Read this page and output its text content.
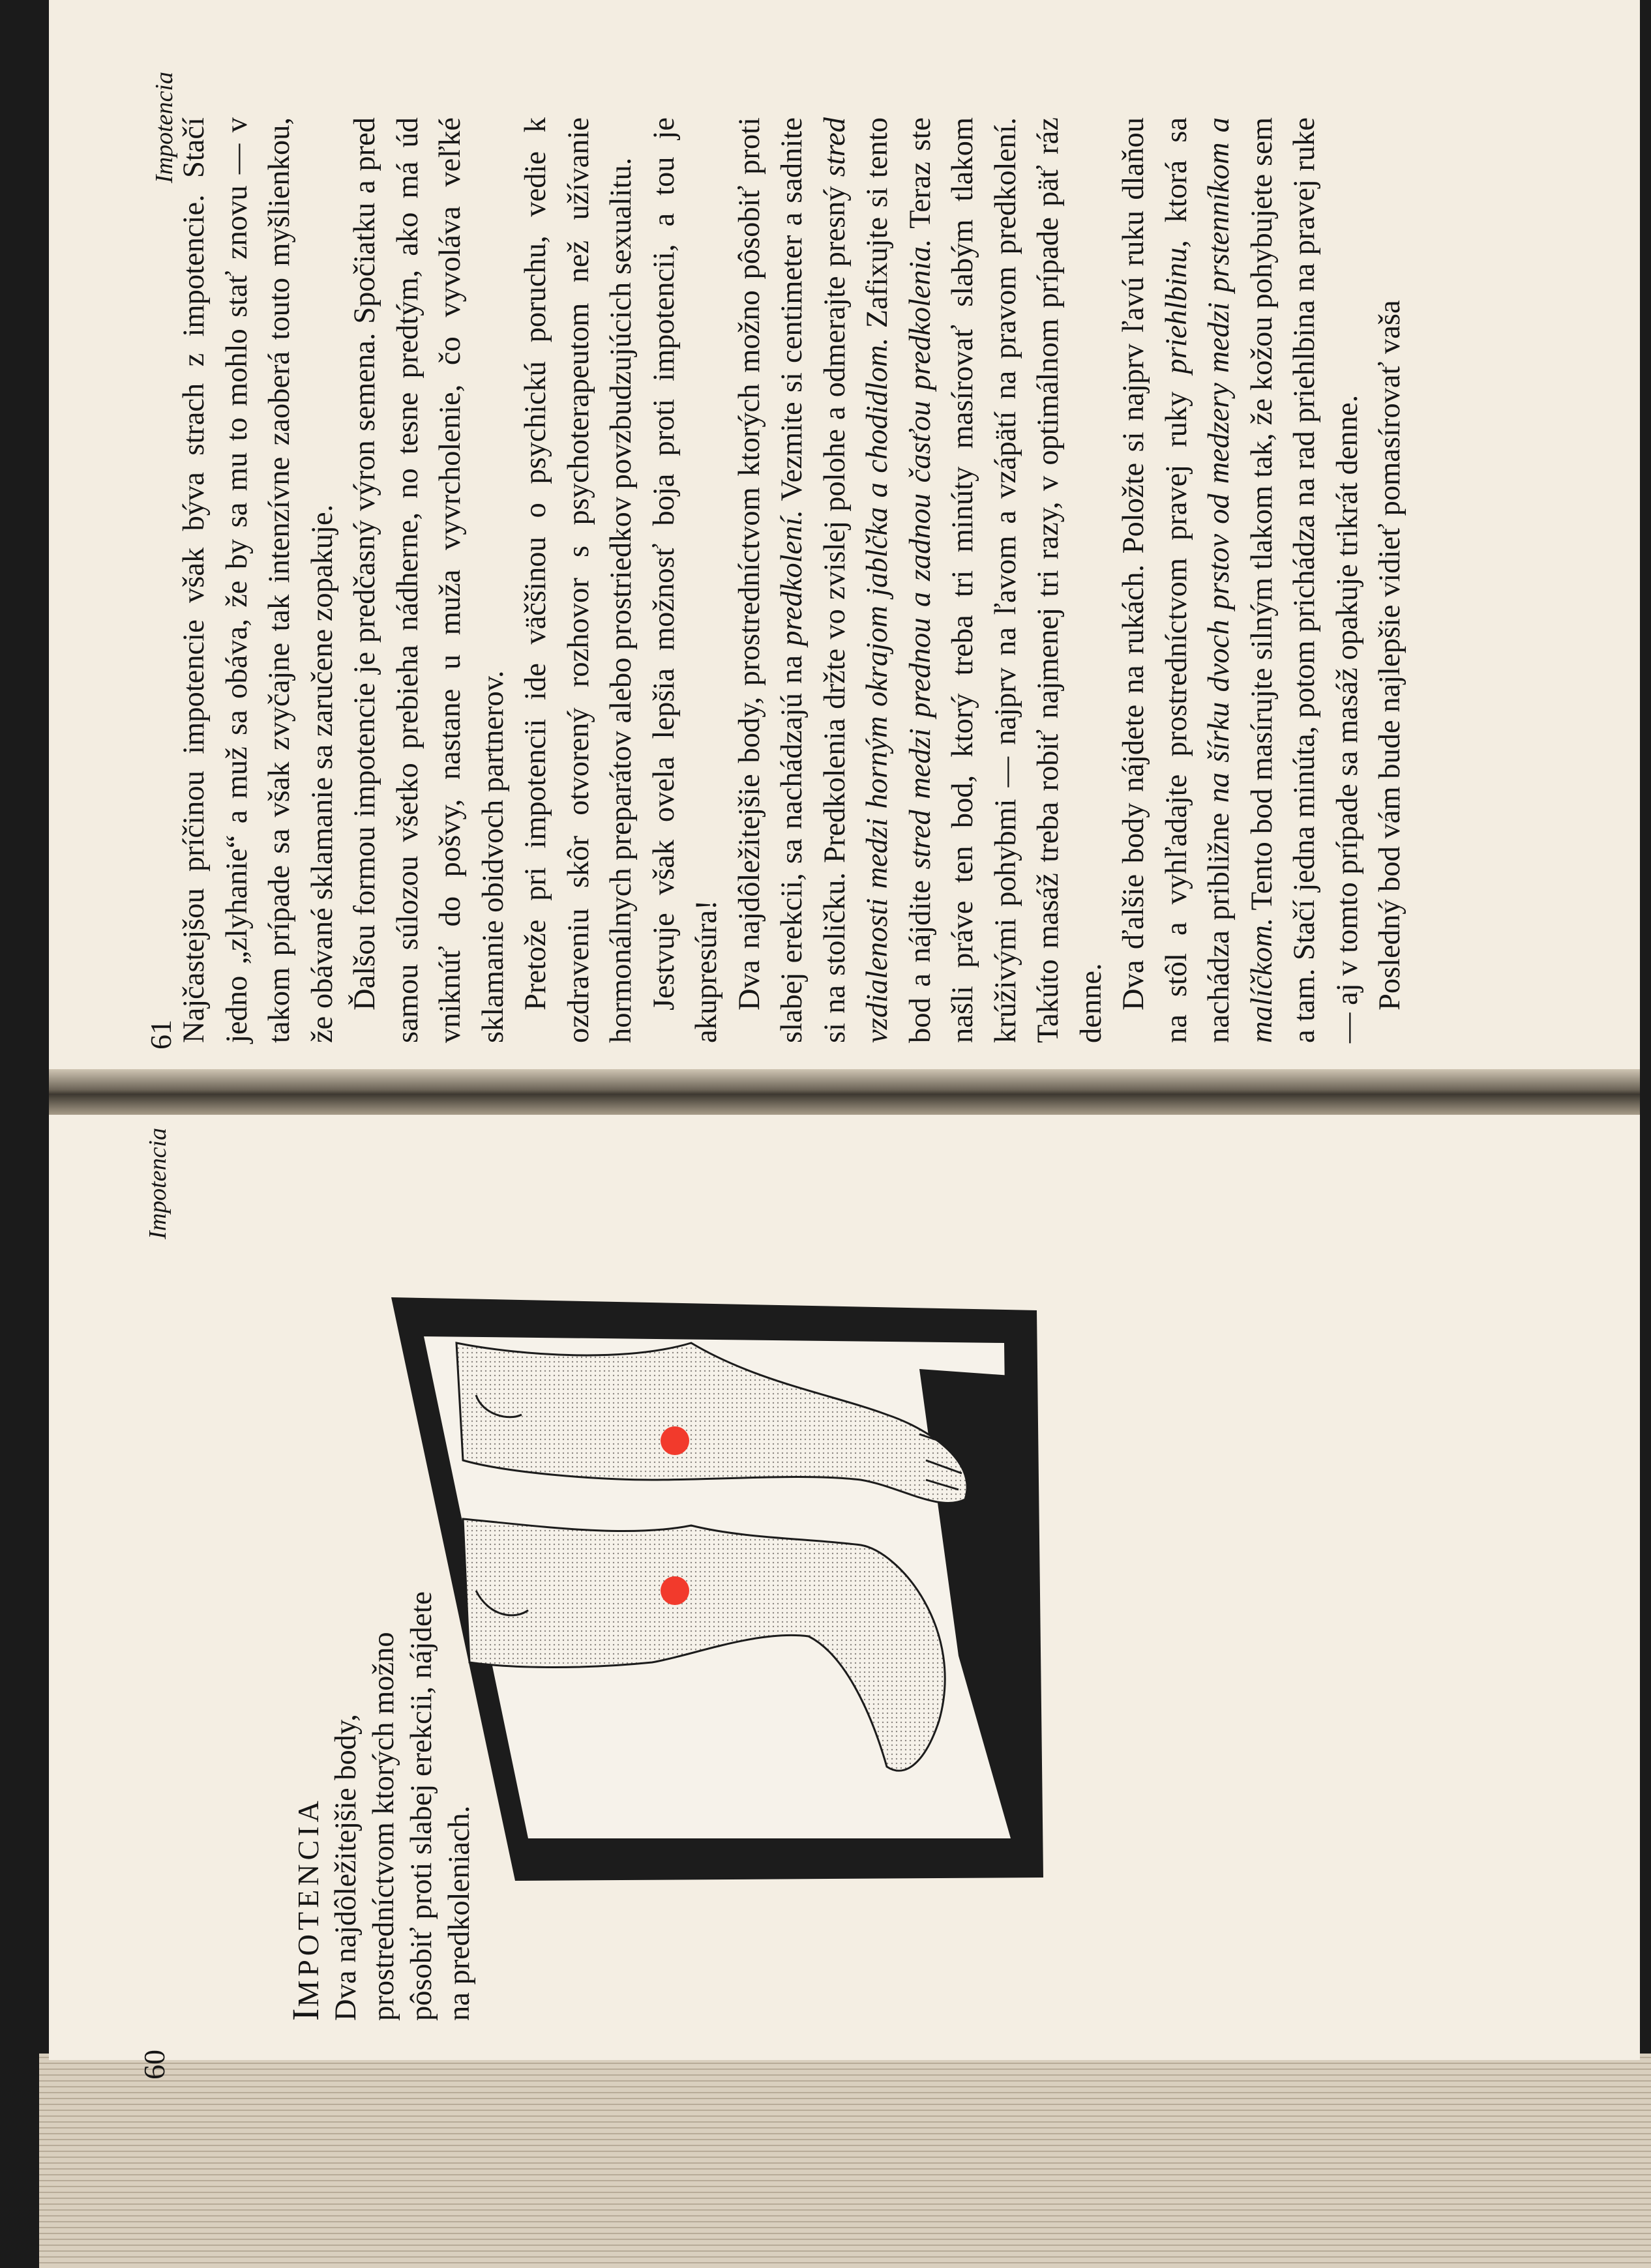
61
Impotencia Najčastejšou príčinou impotencie však býva strach z impotencie. Stačí jedno „zlyhanie“ a muž sa obáva, že by sa mu to mohlo stať znovu — v takom prípade sa však zvyčajne tak intenzívne zaoberá touto myšlienkou, že obávané sklamanie sa zaručene zopakuje. Ďalšou formou impotencie je predčasný výron semena. Spočiatku a pred samou súlozou všetko prebieha nádherne, no tesne predtým, ako má úd vniknúť do pošvy, nastane u muža vyvrcholenie, čo vyvoláva veľké sklamanie obidvoch partnerov. Pretože pri impotencii ide väčšinou o psychickú poruchu, vedie k ozdraveniu skôr otvorený rozhovor s psychoterapeutom než užívanie hormonálnych preparátov alebo prostriedkov povzbudzujúcich sexualitu. Jestvuje však ovela lepšia možnosť boja proti impotencii, a tou je akupresúra! Dva najdôležitejšie body, prostredníctvom ktorých možno pôsobiť proti slabej erekcii, sa nachádzajú na predkolení. Vezmite si centimeter a sadnite si na stoličku. Predkolenia držte vo zvislej polohe a odmerajte presný stred vzdialenosti medzi horným okrajom jablčka a chodidlom. Zafixujte si tento bod a nájdite stred medzi prednou a zadnou časťou predkolenia. Teraz ste našli práve ten bod, ktorý treba tri minúty masírovať slabým tlakom krúživými pohybmi — najprv na ľavom a vzápätí na pravom predkolení. Takúto masáž treba robiť najmenej tri razy, v optimálnom prípade päť ráz denne. Dva ďalšie body nájdete na rukách. Položte si najprv ľavú ruku dlaňou na stôl a vyhľadajte prostredníctvom pravej ruky priehlbinu, ktorá sa nachádza približne na šírku dvoch prstov od medzery medzi prstenníkom a malíčkom. Tento bod masírujte silným tlakom tak, že kožou pohybujete sem a tam. Stačí jedna minúta, potom prichádza na rad priehlbina na pravej ruke — aj v tomto prípade sa masáž opakuje trikrát denne. Posledný bod vám bude najlepšie vidieť pomasírovať vaša

60
Impotencia
IMPOTENCIA Dva najdôležitejšie body, prostredníctvom ktorých možno pôsobiť proti slabej erekcii, nájdete na predkoleniach.
